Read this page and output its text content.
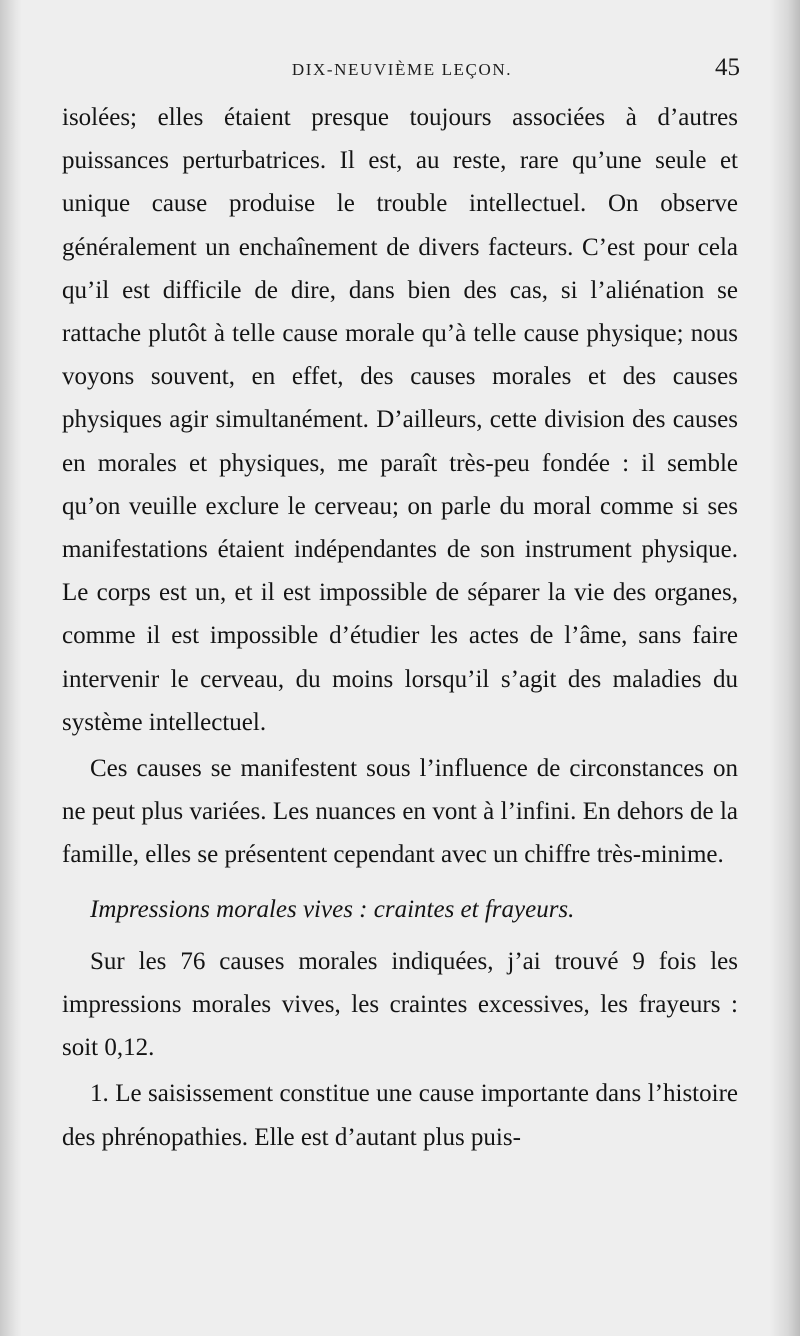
DIX-NEUVIÈME LEÇON.	45

isolées; elles étaient presque toujours associées à d’autres puissances perturbatrices. Il est, au reste, rare qu’une seule et unique cause produise le trouble intellectuel. On observe généralement un enchaînement de divers facteurs. C’est pour cela qu’il est difficile de dire, dans bien des cas, si l’aliénation se rattache plutôt à telle cause morale qu’à telle cause physique; nous voyons souvent, en effet, des causes morales et des causes physiques agir simultanément. D’ailleurs, cette division des causes en morales et physiques, me paraît très-peu fondée : il semble qu’on veuille exclure le cerveau; on parle du moral comme si ses manifestations étaient indépendantes de son instrument physique. Le corps est un, et il est impossible de séparer la vie des organes, comme il est impossible d’étudier les actes de l’âme, sans faire intervenir le cerveau, du moins lorsqu’il s’agit des maladies du système intellectuel.

Ces causes se manifestent sous l’influence de circonstances on ne peut plus variées. Les nuances en vont à l’infini. En dehors de la famille, elles se présentent cependant avec un chiffre très-minime.

Impressions morales vives : craintes et frayeurs.

Sur les 76 causes morales indiquées, j’ai trouvé 9 fois les impressions morales vives, les craintes excessives, les frayeurs : soit 0,12.

1. Le saisissement constitue une cause importante dans l’histoire des phrénopathies. Elle est d’autant plus puis-
